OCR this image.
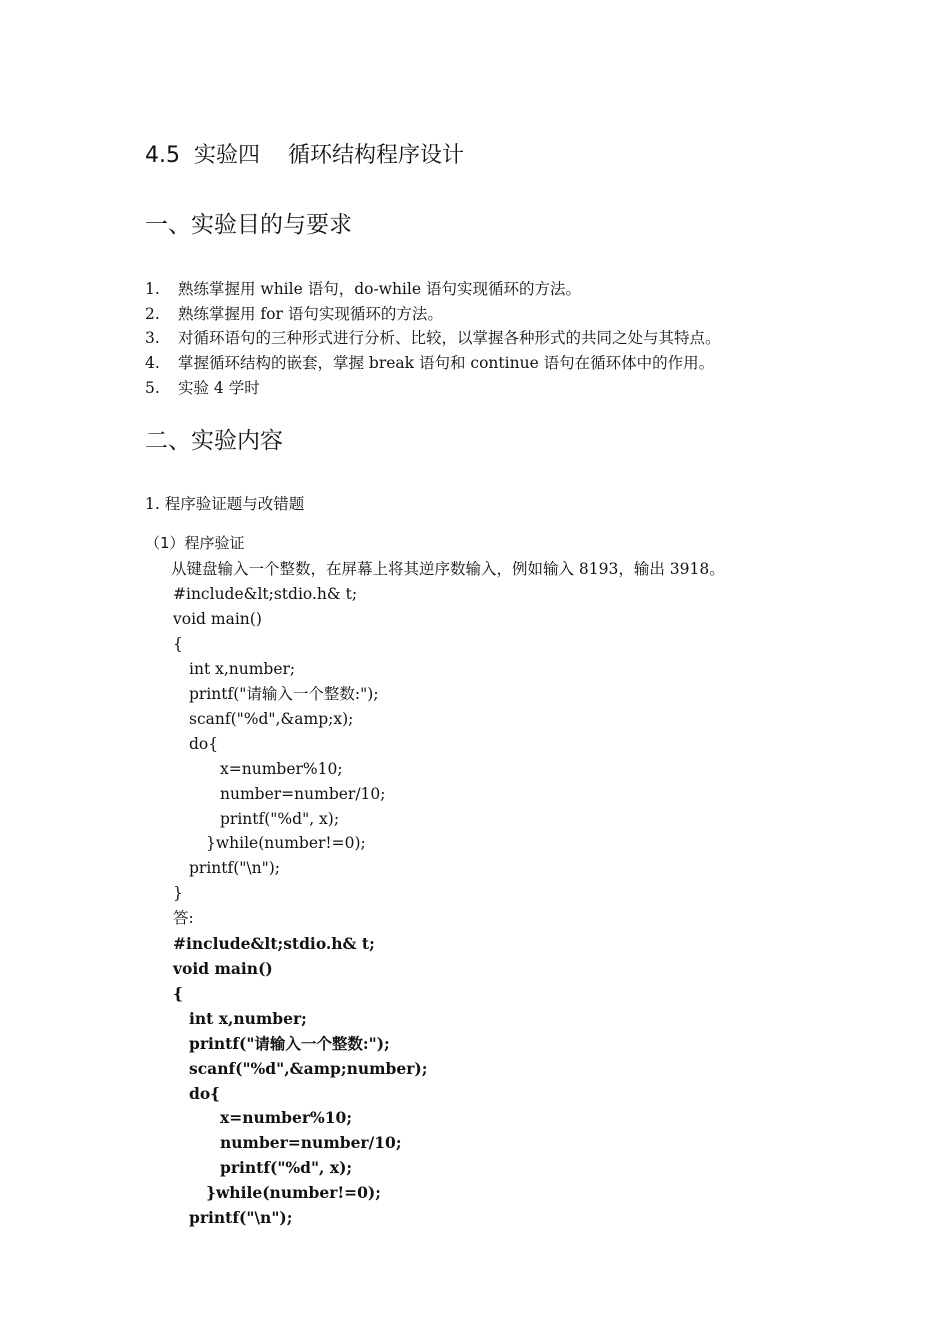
4.5  实验四    循环结构程序设计
一、实验目的与要求
1. 熟练掌握用 while 语句，do-while 语句实现循环的方法。
2. 熟练掌握用 for 语句实现循环的方法。
3. 对循环语句的三种形式进行分析、比较，以掌握各种形式的共同之处与其特点。
4. 掌握循环结构的嵌套，掌握 break 语句和 continue 语句在循环体中的作用。
5. 实验 4 学时
二、实验内容
1. 程序验证题与改错题
（1）程序验证
从键盘输入一个整数，在屏幕上将其逆序数输入，例如输入 8193，输出 3918。
#include&lt;stdio.h& t;
void main()
{
int x,number;
printf("请输入一个整数:");
scanf("%d",&amp;x);
do{
x=number%10;
number=number/10;
printf("%d", x);
}while(number!=0);
printf("\n");
}
答:
#include&lt;stdio.h& t;
void main()
{
int x,number;
printf("请输入一个整数:");
scanf("%d",&amp;number);
do{
x=number%10;
number=number/10;
printf("%d", x);
}while(number!=0);
printf("\n");
